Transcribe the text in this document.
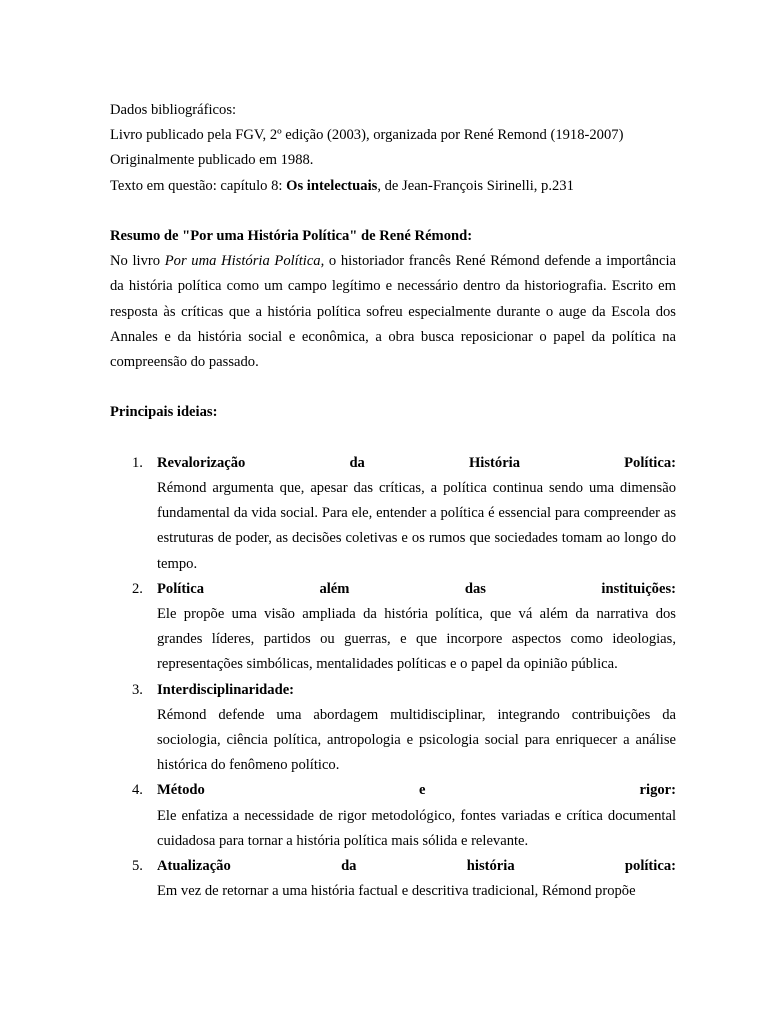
Dados bibliográficos:

Livro publicado pela FGV, 2º edição (2003), organizada por René Remond (1918-2007)

Originalmente publicado em 1988.

Texto em questão: capítulo 8: Os intelectuais, de Jean-François Sirinelli, p.231

Resumo de "Por uma História Política" de René Rémond:

No livro Por uma História Política, o historiador francês René Rémond defende a importância da história política como um campo legítimo e necessário dentro da historiografia. Escrito em resposta às críticas que a história política sofreu especialmente durante o auge da Escola dos Annales e da história social e econômica, a obra busca reposicionar o papel da política na compreensão do passado.

Principais ideias:

1. Revalorização da História Política:

Rémond argumenta que, apesar das críticas, a política continua sendo uma dimensão fundamental da vida social. Para ele, entender a política é essencial para compreender as estruturas de poder, as decisões coletivas e os rumos que sociedades tomam ao longo do tempo.

2. Política além das instituições:

Ele propõe uma visão ampliada da história política, que vá além da narrativa dos grandes líderes, partidos ou guerras, e que incorpore aspectos como ideologias, representações simbólicas, mentalidades políticas e o papel da opinião pública.

3. Interdisciplinaridade:

Rémond defende uma abordagem multidisciplinar, integrando contribuições da sociologia, ciência política, antropologia e psicologia social para enriquecer a análise histórica do fenômeno político.

4. Método e rigor:

Ele enfatiza a necessidade de rigor metodológico, fontes variadas e crítica documental cuidadosa para tornar a história política mais sólida e relevante.

5. Atualização da história política:

Em vez de retornar a uma história factual e descritiva tradicional, Rémond propõe
